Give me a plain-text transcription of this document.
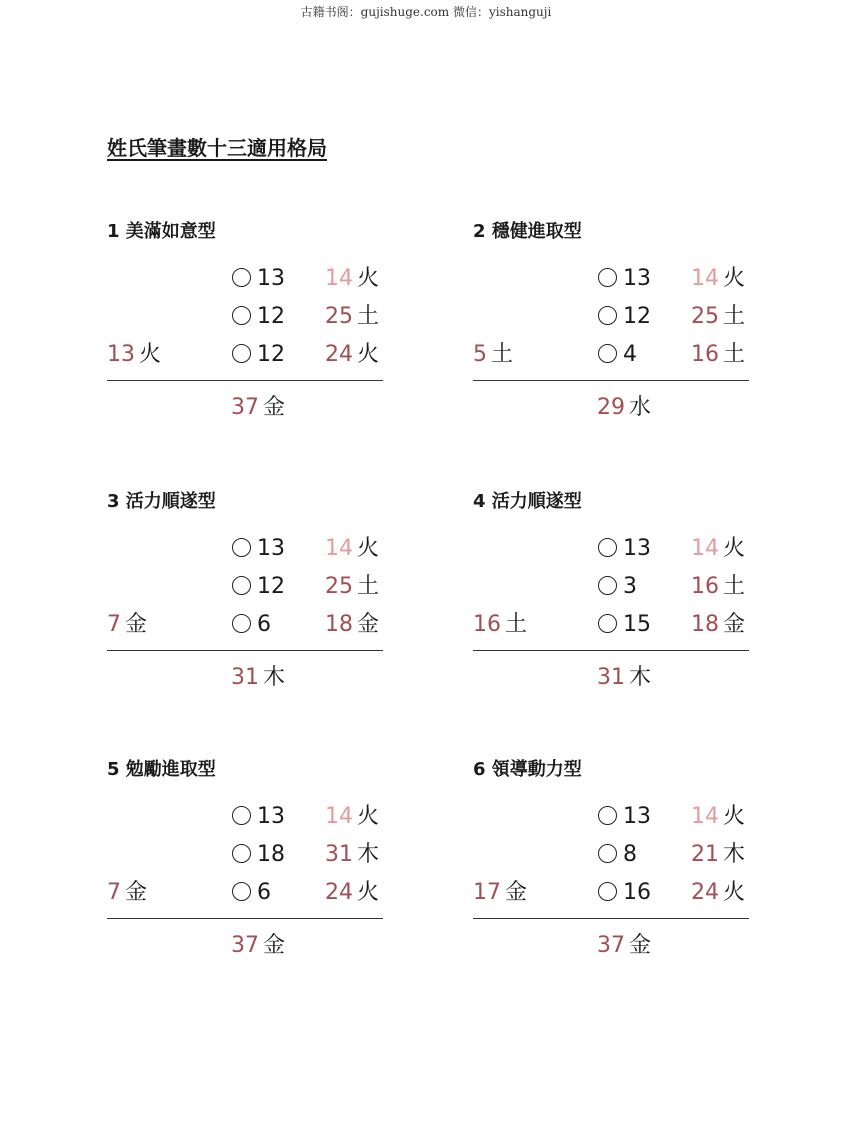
古籍书阁：gujishuge.com 微信：yishanguji
姓氏筆畫數十三適用格局
1 美滿如意型
13 14 火
12 25 土
12 24 火
13 火
37 金
2 穩健進取型
13 14 火
12 25 土
4 16 土
5 土
29 水
3 活力順遂型
13 14 火
12 25 土
6 18 金
7 金
31 木
4 活力順遂型
13 14 火
3 16 土
15 18 金
16 土
31 木
5 勉勵進取型
13 14 火
18 31 木
6 24 火
7 金
37 金
6 領導動力型
13 14 火
8 21 木
16 24 火
17 金
37 金
